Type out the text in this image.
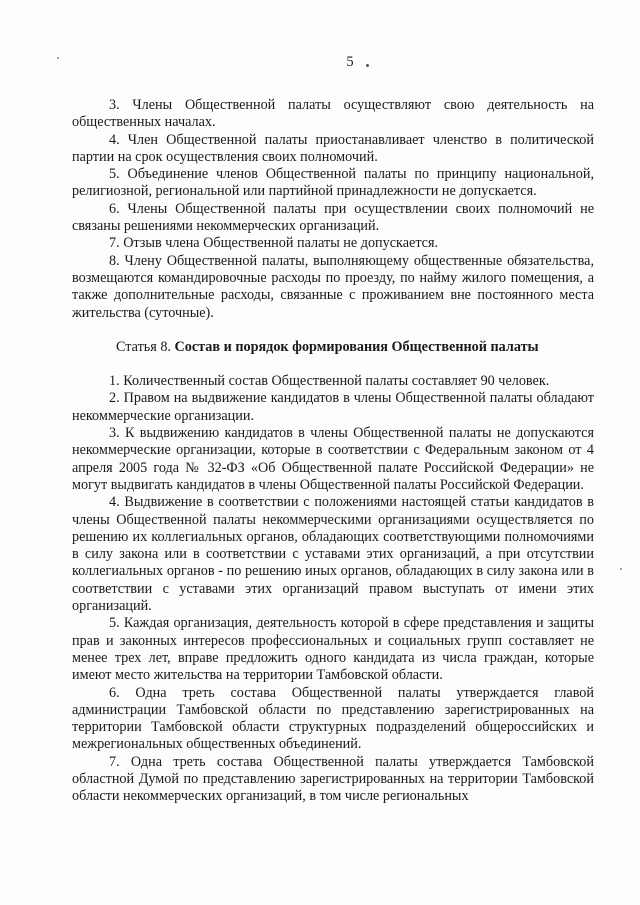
5

3. Члены Общественной палаты осуществляют свою деятельность на общественных началах.

4. Член Общественной палаты приостанавливает членство в политической партии на срок осуществления своих полномочий.

5. Объединение членов Общественной палаты по принципу национальной, религиозной, региональной или партийной принадлежности не допускается.

6. Члены Общественной палаты при осуществлении своих полномочий не связаны решениями некоммерческих организаций.

7. Отзыв члена Общественной палаты не допускается.

8. Члену Общественной палаты, выполняющему общественные обязательства, возмещаются командировочные расходы по проезду, по найму жилого помещения, а также дополнительные расходы, связанные с проживанием вне постоянного места жительства (суточные).

Статья 8. Состав и порядок формирования Общественной палаты

1. Количественный состав Общественной палаты составляет 90 человек.

2. Правом на выдвижение кандидатов в члены Общественной палаты обладают некоммерческие организации.

3. К выдвижению кандидатов в члены Общественной палаты не допускаются некоммерческие организации, которые в соответствии с Федеральным законом от 4 апреля 2005 года № 32-ФЗ «Об Общественной палате Российской Федерации» не могут выдвигать кандидатов в члены Общественной палаты Российской Федерации.

4. Выдвижение в соответствии с положениями настоящей статьи кандидатов в члены Общественной палаты некоммерческими организациями осуществляется по решению их коллегиальных органов, обладающих соответствующими полномочиями в силу закона или в соответствии с уставами этих организаций, а при отсутствии коллегиальных органов - по решению иных органов, обладающих в силу закона или в соответствии с уставами этих организаций правом выступать от имени этих организаций.

5. Каждая организация, деятельность которой в сфере представления и защиты прав и законных интересов профессиональных и социальных групп составляет не менее трех лет, вправе предложить одного кандидата из числа граждан, которые имеют место жительства на территории Тамбовской области.

6. Одна треть состава Общественной палаты утверждается главой администрации Тамбовской области по представлению зарегистрированных на территории Тамбовской области структурных подразделений общероссийских и межрегиональных общественных объединений.

7. Одна треть состава Общественной палаты утверждается Тамбовской областной Думой по представлению зарегистрированных на территории Тамбовской области некоммерческих организаций, в том числе региональных
